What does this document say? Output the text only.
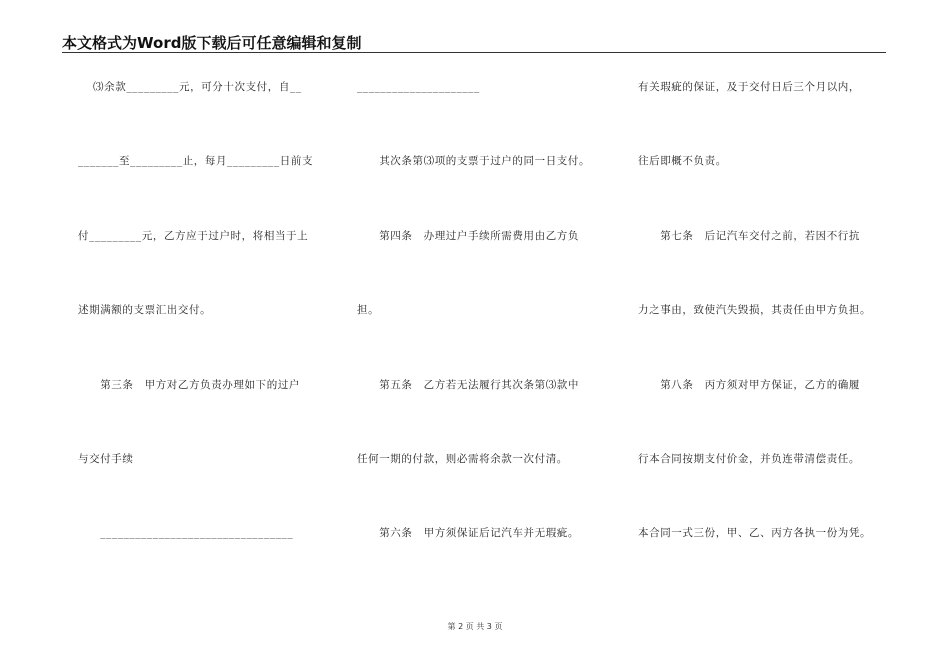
本文格式为Word版下载后可任意编辑和复制
　 ⑶余款_________元，可分十次支付，自__
_______至_________止，每月_________日前支
付_________元，乙方应于过户时，将相当于上
述期满额的支票汇出交付。
　　第三条　甲方对乙方负责办理如下的过户
与交付手续
　　_________________________________
_____________________
　　其次条第⑶项的支票于过户的同一日支付。
　　第四条　办理过户手续所需费用由乙方负
担。
　　第五条　乙方若无法履行其次条第⑶款中
任何一期的付款，则必需将余款一次付清。
　　第六条　甲方须保证后记汽车并无瑕疵。
有关瑕疵的保证，及于交付日后三个月以内，
往后即概不负责。
　　第七条　后记汽车交付之前，若因不行抗
力之事由，致使汽失毁损，其责任由甲方负担。
　　第八条　丙方须对甲方保证，乙方的确履
行本合同按期支付价金，并负连带清偿责任。
本合同一式三份，甲、乙、丙方各执一份为凭。
第 2 页 共 3 页
